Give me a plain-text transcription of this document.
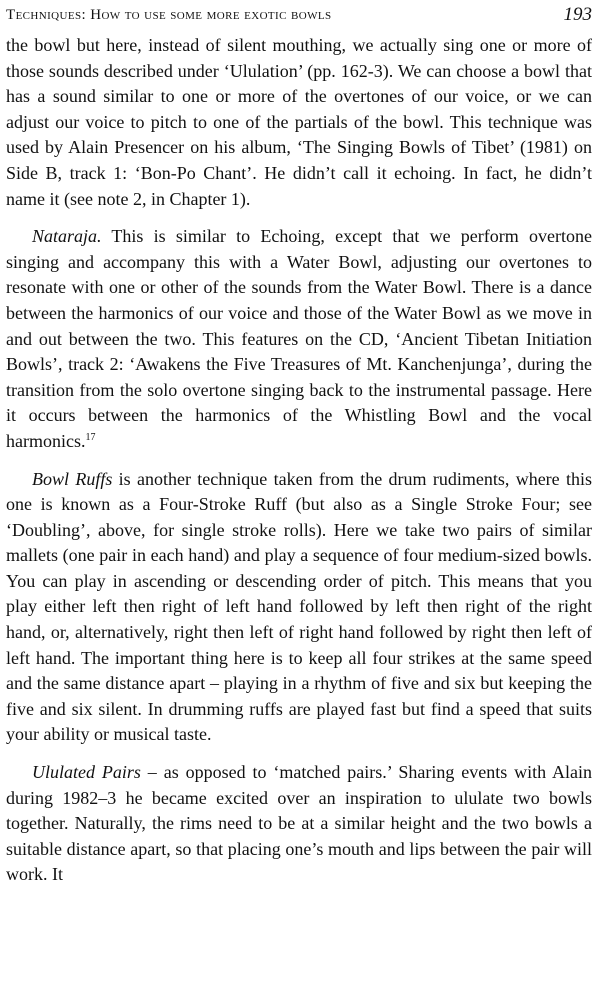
Techniques: How to use some more exotic bowls	193

the bowl but here, instead of silent mouthing, we actually sing one or more of those sounds described under ‘Ululation’ (pp. 162-3). We can choose a bowl that has a sound similar to one or more of the overtones of our voice, or we can adjust our voice to pitch to one of the partials of the bowl. This technique was used by Alain Presencer on his album, ‘The Singing Bowls of Tibet’ (1981) on Side B, track 1: ‘Bon-Po Chant’. He didn’t call it echoing. In fact, he didn’t name it (see note 2, in Chapter 1).

Nataraja. This is similar to Echoing, except that we perform overtone singing and accompany this with a Water Bowl, adjusting our overtones to resonate with one or other of the sounds from the Water Bowl. There is a dance between the harmonics of our voice and those of the Water Bowl as we move in and out between the two. This features on the CD, ‘Ancient Tibetan Initiation Bowls’, track 2: ‘Awakens the Five Treasures of Mt. Kanchenjunga’, during the transition from the solo overtone singing back to the instrumental passage. Here it occurs between the harmonics of the Whistling Bowl and the vocal harmonics.$^{17}$

Bowl Ruffs is another technique taken from the drum rudiments, where this one is known as a Four-Stroke Ruff (but also as a Single Stroke Four; see ‘Doubling’, above, for single stroke rolls). Here we take two pairs of similar mallets (one pair in each hand) and play a sequence of four medium-sized bowls. You can play in ascending or descending order of pitch. This means that you play either left then right of left hand followed by left then right of the right hand, or, alternatively, right then left of right hand followed by right then left of left hand. The important thing here is to keep all four strikes at the same speed and the same distance apart – playing in a rhythm of five and six but keeping the five and six silent. In drumming ruffs are played fast but find a speed that suits your ability or musical taste.

Ululated Pairs – as opposed to ‘matched pairs.’ Sharing events with Alain during 1982–3 he became excited over an inspiration to ululate two bowls together. Naturally, the rims need to be at a similar height and the two bowls a suitable distance apart, so that placing one’s mouth and lips between the pair will work. It
